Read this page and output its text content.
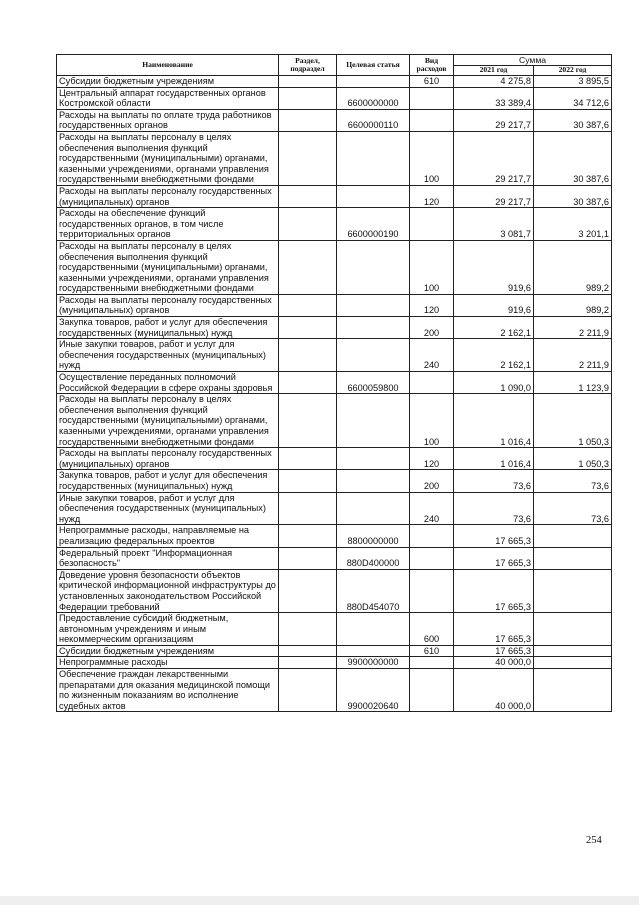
Наименование	Раздел, подраздел	Целевая статья	Вид расходов	Сумма	
				2021 год	2022 год
Субсидии бюджетным учреждениям			610	4 275,8	3 895,5
Центральный аппарат государственных органов Костромской области		6600000000		33 389,4	34 712,6
Расходы на выплаты по оплате труда работников государственных органов		6600000110		29 217,7	30 387,6
Расходы на выплаты персоналу в целях обеспечения выполнения функций государственными (муниципальными) органами, казенными учреждениями, органами управления государственными внебюджетными фондами			100	29 217,7	30 387,6
Расходы на выплаты персоналу государственных (муниципальных) органов			120	29 217,7	30 387,6
Расходы на обеспечение функций государственных органов, в том числе территориальных органов		6600000190		3 081,7	3 201,1
Расходы на выплаты персоналу в целях обеспечения выполнения функций государственными (муниципальными) органами, казенными учреждениями, органами управления государственными внебюджетными фондами			100	919,6	989,2
Расходы на выплаты персоналу государственных (муниципальных) органов			120	919,6	989,2
Закупка товаров, работ и услуг для обеспечения государственных (муниципальных) нужд			200	2 162,1	2 211,9
Иные закупки товаров, работ и услуг для обеспечения государственных (муниципальных) нужд			240	2 162,1	2 211,9
Осуществление переданных полномочий Российской Федерации в сфере охраны здоровья		6600059800		1 090,0	1 123,9
Расходы на выплаты персоналу в целях обеспечения выполнения функций государственными (муниципальными) органами, казенными учреждениями, органами управления государственными внебюджетными фондами			100	1 016,4	1 050,3
Расходы на выплаты персоналу государственных (муниципальных) органов			120	1 016,4	1 050,3
Закупка товаров, работ и услуг для обеспечения государственных (муниципальных) нужд			200	73,6	73,6
Иные закупки товаров, работ и услуг для обеспечения государственных (муниципальных) нужд			240	73,6	73,6
Непрограммные расходы, направляемые на реализацию федеральных проектов		8800000000		17 665,3	
Федеральный проект "Информационная безопасность"		880D400000		17 665,3	
Доведение уровня безопасности объектов критической информационной инфраструктуры до установленных законодательством Российской Федерации требований		880D454070		17 665,3	
Предоставление субсидий бюджетным, автономным учреждениям и иным некоммерческим организациям			600	17 665,3	
Субсидии бюджетным учреждениям			610	17 665,3	
Непрограммные расходы		9900000000		40 000,0	
Обеспечение граждан лекарственными препаратами для оказания медицинской помощи по жизненным показаниям во исполнение судебных актов		9900020640		40 000,0	
254
